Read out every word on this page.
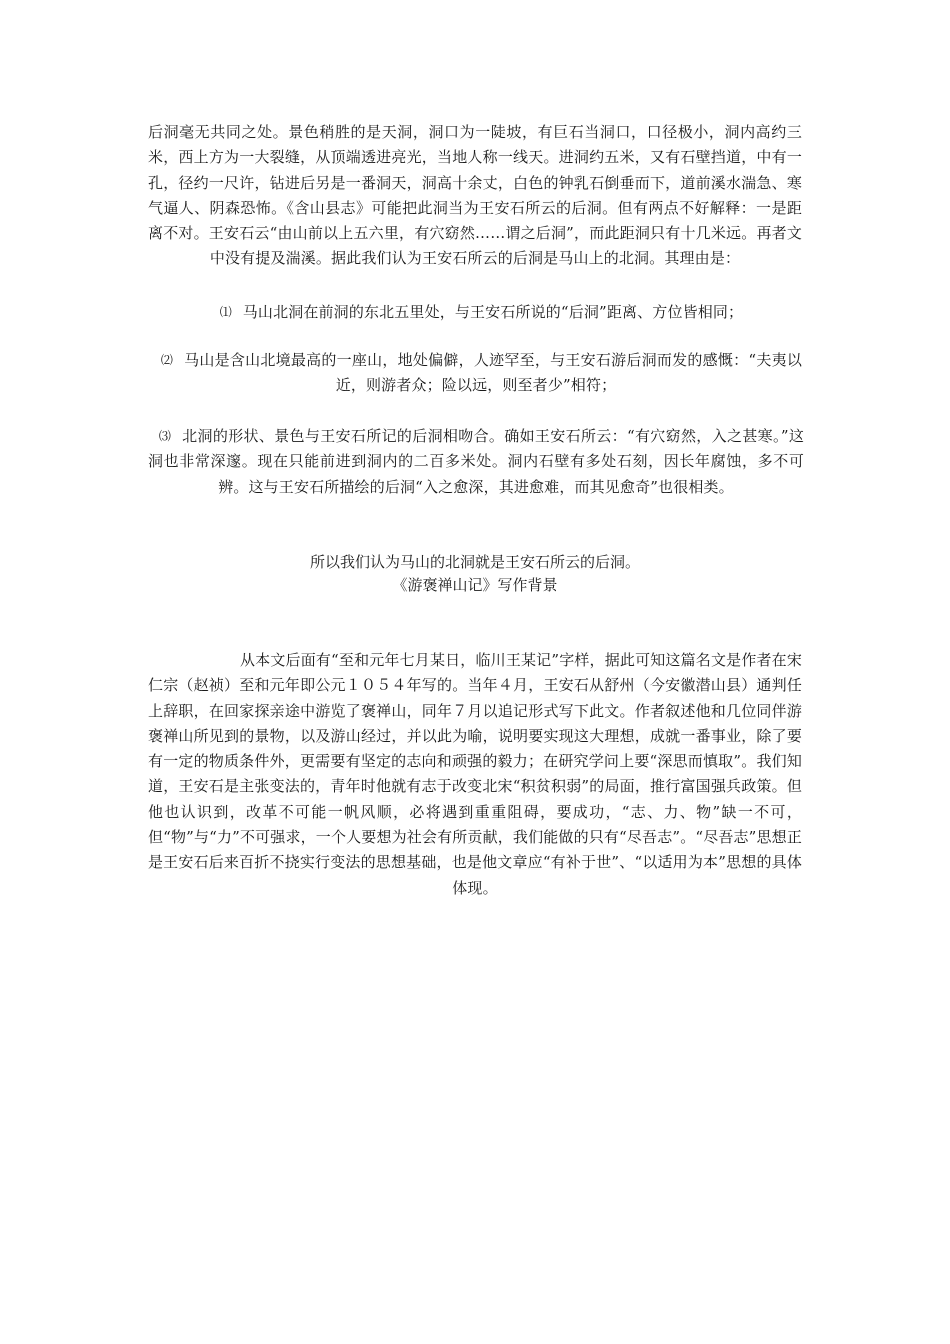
后洞毫无共同之处。景色稍胜的是天洞，洞口为一陡坡，有巨石当洞口，口径极小，洞内高约三米，西上方为一大裂缝，从顶端透进亮光，当地人称一线天。进洞约五米，又有石壁挡道，中有一孔，径约一尺许，钻进后另是一番洞天，洞高十余丈，白色的钟乳石倒垂而下，道前溪水湍急、寒气逼人、阴森恐怖。《含山县志》可能把此洞当为王安石所云的后洞。但有两点不好解释：一是距离不对。王安石云“由山前以上五六里，有穴窈然……谓之后洞”，而此距洞只有十几米远。再者文中没有提及湍溪。据此我们认为王安石所云的后洞是马山上的北洞。其理由是：

⑴ 马山北洞在前洞的东北五里处，与王安石所说的“后洞”距离、方位皆相同；

⑵ 马山是含山北境最高的一座山，地处偏僻，人迹罕至，与王安石游后洞而发的感慨：“夫夷以近，则游者众；险以远，则至者少”相符；

⑶ 北洞的形状、景色与王安石所记的后洞相吻合。确如王安石所云：“有穴窈然，入之甚寒。”这洞也非常深邃。现在只能前进到洞内的二百多米处。洞内石壁有多处石刻，因长年腐蚀，多不可辨。这与王安石所描绘的后洞“入之愈深，其进愈难，而其见愈奇”也很相类。

所以我们认为马山的北洞就是王安石所云的后洞。

《游褒禅山记》写作背景

从本文后面有“至和元年七月某日，临川王某记”字样，据此可知这篇名文是作者在宋仁宗（赵祯）至和元年即公元１０５４年写的。当年４月，王安石从舒州（今安徽潜山县）通判任上辞职，在回家探亲途中游览了褒禅山，同年７月以追记形式写下此文。作者叙述他和几位同伴游褒禅山所见到的景物，以及游山经过，并以此为喻，说明要实现这大理想，成就一番事业，除了要有一定的物质条件外，更需要有坚定的志向和顽强的毅力；在研究学问上要“深思而慎取”。我们知道，王安石是主张变法的，青年时他就有志于改变北宋“积贫积弱”的局面，推行富国强兵政策。但他也认识到，改革不可能一帆风顺，必将遇到重重阻碍，要成功，“志、力、物”缺一不可，但“物”与“力”不可强求，一个人要想为社会有所贡献，我们能做的只有“尽吾志”。“尽吾志”思想正是王安石后来百折不挠实行变法的思想基础，也是他文章应“有补于世”、“以适用为本”思想的具体体现。
